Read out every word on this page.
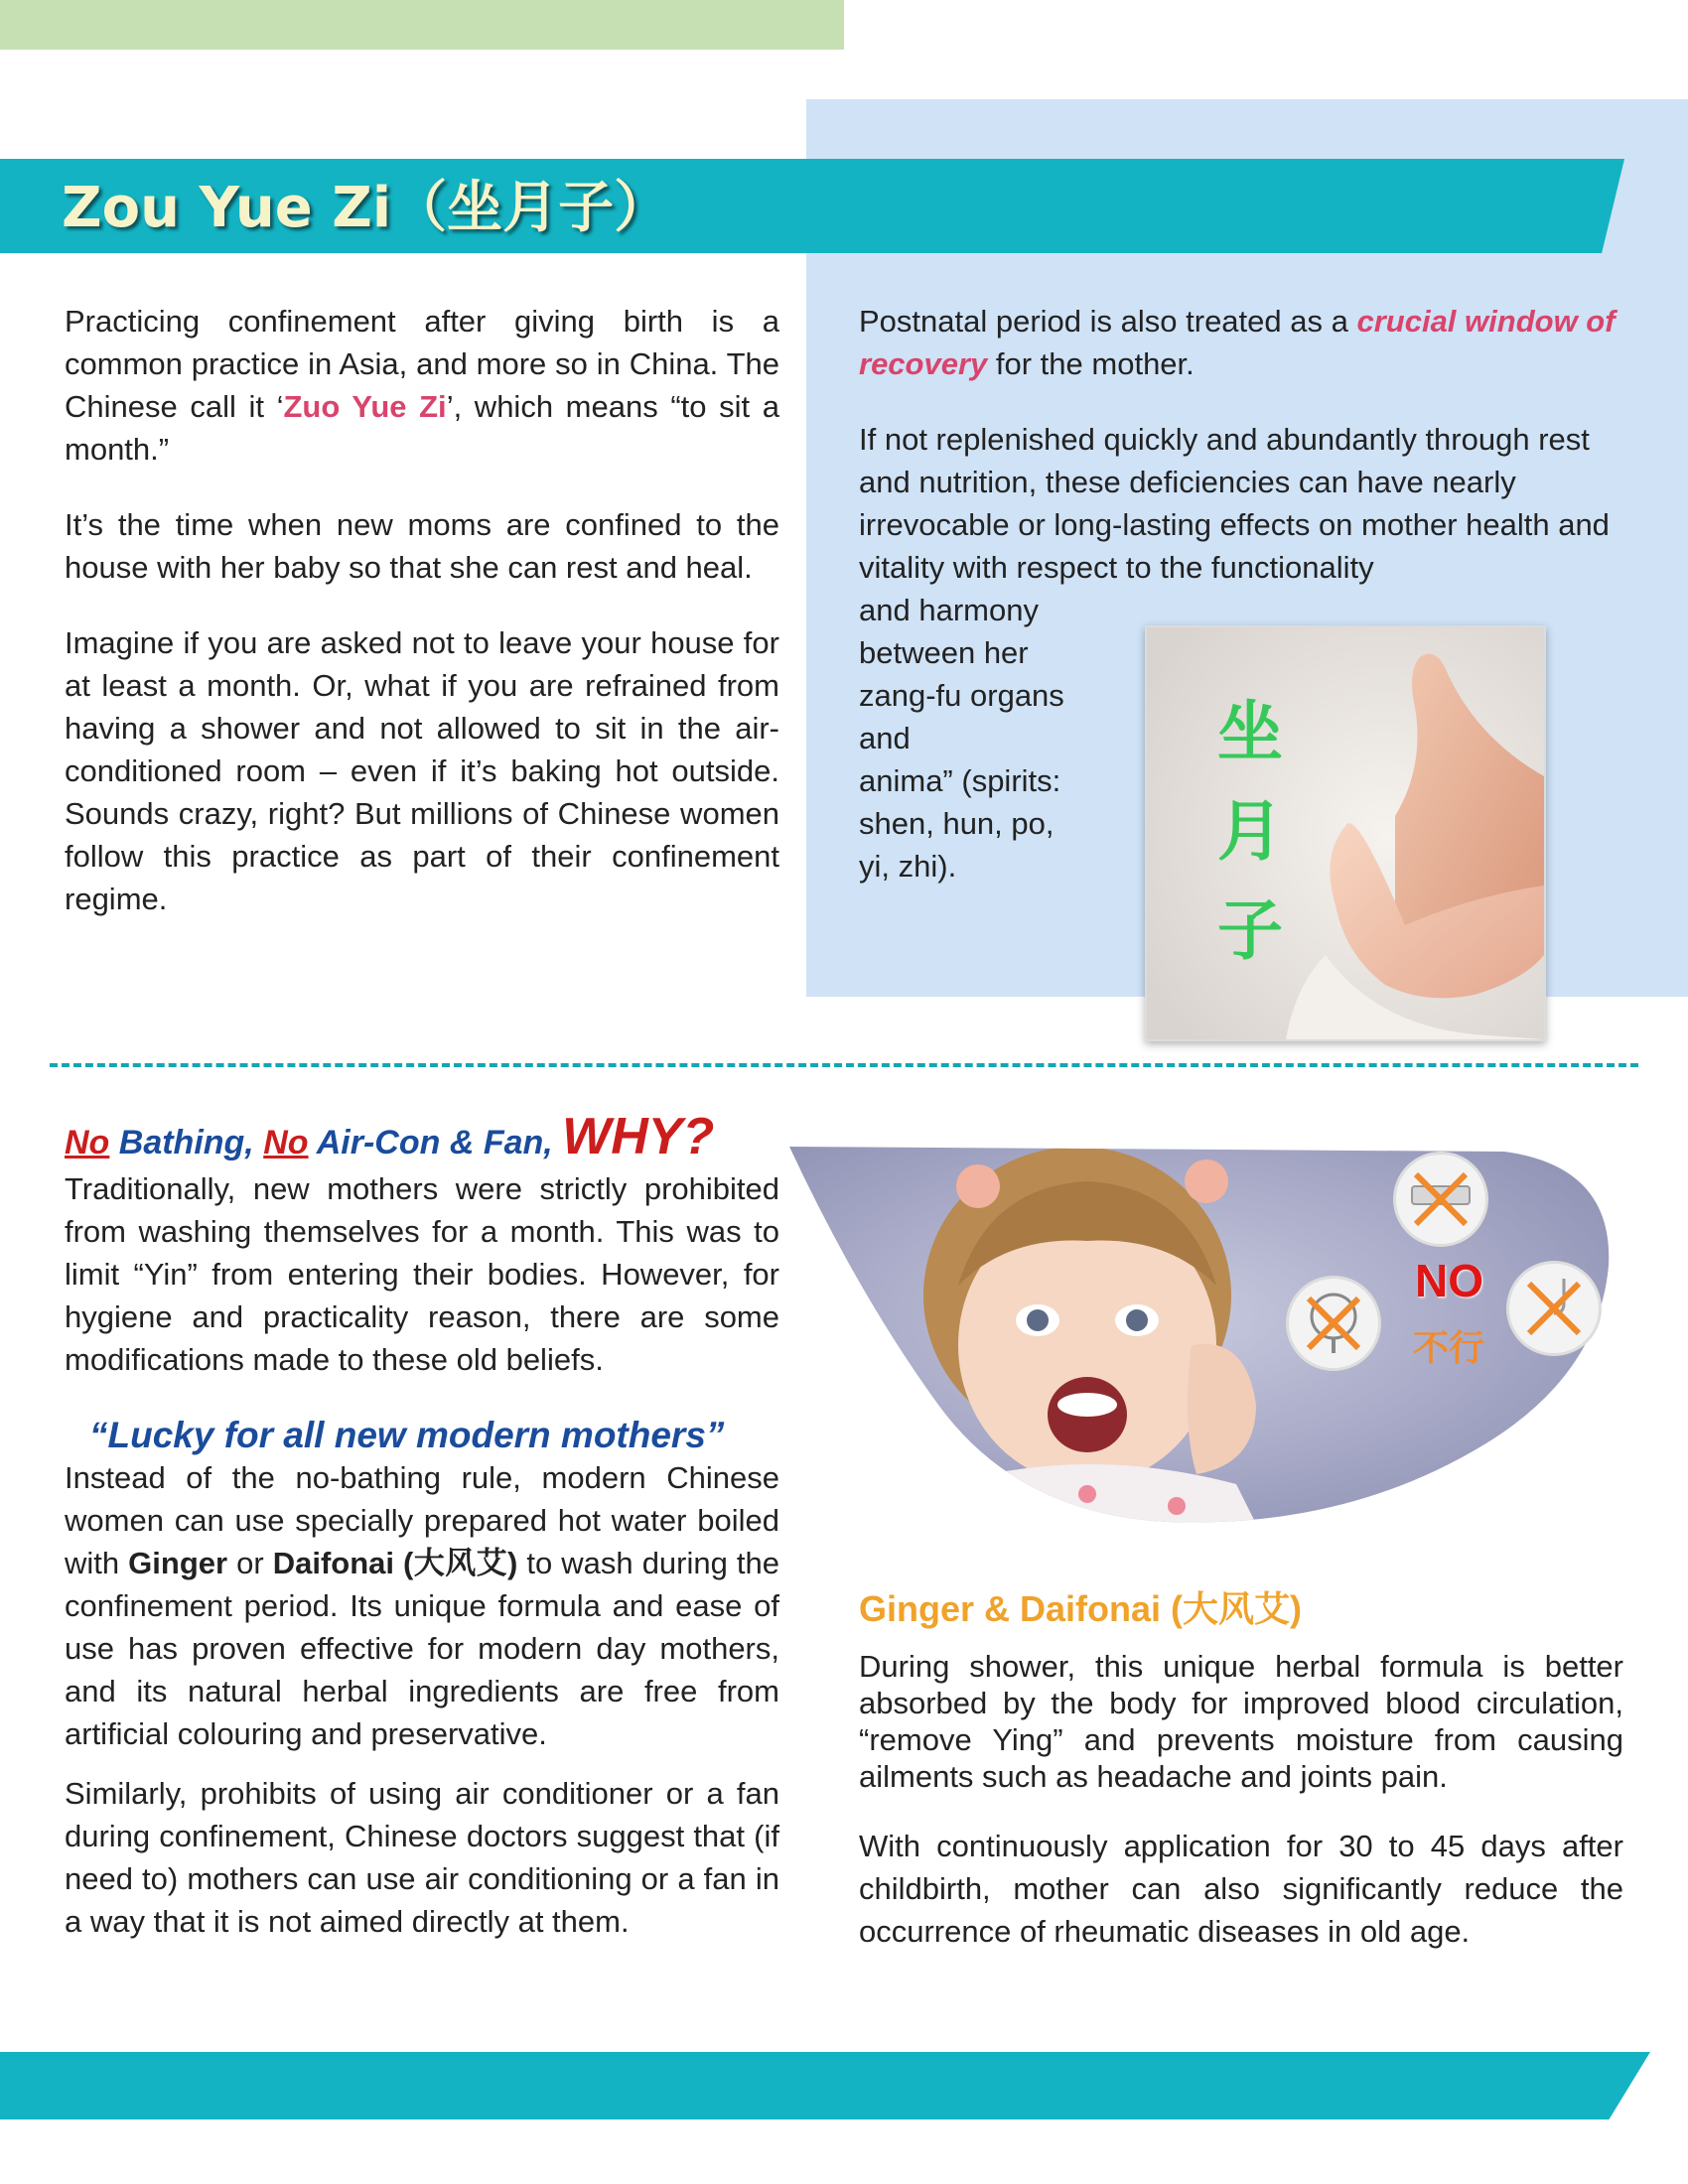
Zou Yue Zi（坐月子）

Practicing confinement after giving birth is a common practice in Asia, and more so in China. The Chinese call it ‘Zuo Yue Zi’, which means “to sit a month.”

It’s the time when new moms are confined to the house with her baby so that she can rest and heal.

Imagine if you are asked not to leave your house for at least a month. Or, what if you are refrained from having a shower and not allowed to sit in the air-conditioned room – even if it’s baking hot outside. Sounds crazy, right? But millions of Chinese women follow this practice as part of their confinement regime.

Postnatal period is also treated as a crucial window of recovery for the mother.

If not replenished quickly and abundantly through rest and nutrition, these deficiencies can have nearly irrevocable or long-lasting effects on mother health and vitality with respect to the functionality

and harmony
between her
zang-fu organs
and
anima” (spirits:
shen, hun, po,
yi, zhi).
坐
月
子
No Bathing, No Air-Con & Fan, WHY?

Traditionally, new mothers were strictly prohibited from washing themselves for a month. This was to limit “Yin” from entering their bodies. However, for hygiene and practicality reason, there are some modifications made to these old beliefs.

“Lucky for all new modern mothers”

Instead of the no-bathing rule, modern Chinese women can use specially prepared hot water boiled with Ginger or Daifonai (大风艾) to wash during the confinement period. Its unique formula and ease of use has proven effective for modern day mothers, and its natural herbal ingredients are free from artificial colouring and preservative.

Similarly, prohibits of using air conditioner or a fan during confinement, Chinese doctors suggest that (if need to) mothers can use air conditioning or a fan in a way that it is not aimed directly at them.

NO
不行
Ginger & Daifonai (大风艾)

During shower, this unique herbal formula is better absorbed by the body for improved blood circulation, “remove Ying” and prevents moisture from causing ailments such as headache and joints pain.

With continuously application for 30 to 45 days after childbirth, mother can also significantly reduce the occurrence of rheumatic diseases in old age.
